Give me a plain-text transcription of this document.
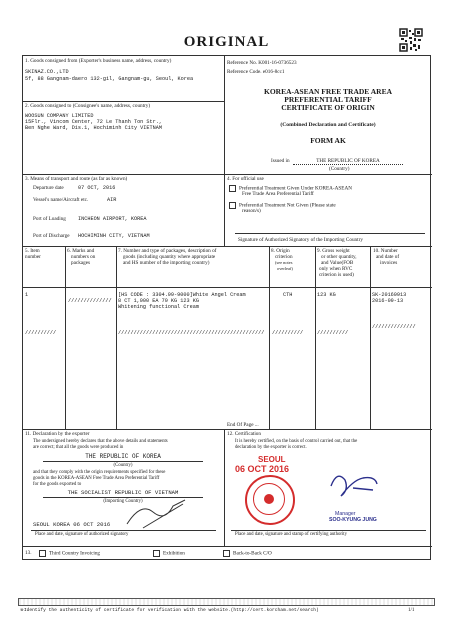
ORIGINAL
1. Goods consigned from (Exporter's business name, address, country)
SKINAZ.CO.,LTD
5f, 88 Gangnam-daero 132-gil, Gangnam-gu, Seoul, Korea
Reference No. K001-16-0736523
Reference Code. e016-8cc1
KOREA-ASEAN FREE TRADE AREA
PREFERENTIAL TARIFF
CERTIFICATE OF ORIGIN
(Combined Declaration and Certificate)
FORM AK
Issued in	THE REPUBLIC OF KOREA
(Country)
2. Goods consigned to (Consignee's name, address, country)
WOOSUN COMPANY LIMITED
15Flr., Vincom Center, 72 Le Thanh Ton Str.,
Ben Nghe Ward, Dis.1, Hochiminh City VIETNAM
3. Means of transport and route (as far as known)
Departure date	07 OCT, 2016
Vessel's name/Aircraft etc.	AIR
Port of Loading INCHEON AIRPORT, KOREA
Port of Discharge HOCHIMINH CITY, VIETNAM
4. For official use
Preferential Treatment Given Under KOREA-ASEAN
Free Trade Area Preferential Tariff
Preferential Treatment Not Given (Please state
reason/s)
Signature of Authorized Signatory of the Importing Country
5. Item
number
6. Marks and
numbers on
packages
7. Number and type of packages, description of
goods (including quantity where appropriate
and HS number of the importing country)
8. Origin
criterion
(see notes
overleaf)
9. Gross weight
or other quantity,
and Value(FOB
only when RVC
criterion is used)
10. Number
and date of
invoices
1
//////////////
[HS CODE : 3304.99-9000]White Angel Cream
8 CT 1,000 EA 70 KG 123 KG
Whitening functional Cream
CTH	123 KG	SK-20160913
2016-09-13
//////////	/////////////////////////////////////////////// //////////	//////////
//////////////
End Of Page ...
11. Declaration by the exporter
The undersigned hereby declares that the above details and statements
are correct; that all the goods were produced in
THE REPUBLIC OF KOREA
(Country)
and that they comply with the origin requirements specified for these
goods in the KOREA-ASEAN Free Trade Area Preferential Tariff
for the goods exported to
THE SOCIALIST REPUBLIC OF VIETNAM
(Importing Country)
SEOUL KOREA 06 OCT 2016
Place and date, signature of authorized signatory
12. Certification
It is hereby certified, on the basis of control carried out, that the
declaration by the exporter is correct.
SEOUL
06 OCT 2016
Manager
SOO-KYUNG JUNG
Place and date, signature and stamp of certifying authority
13.	Third Country Invoicing	Exhibition	Back-to-Back C/O
※Identify the authenticity of certificate for verification with the website.(http://cert.korcham.net/search)	1/1
